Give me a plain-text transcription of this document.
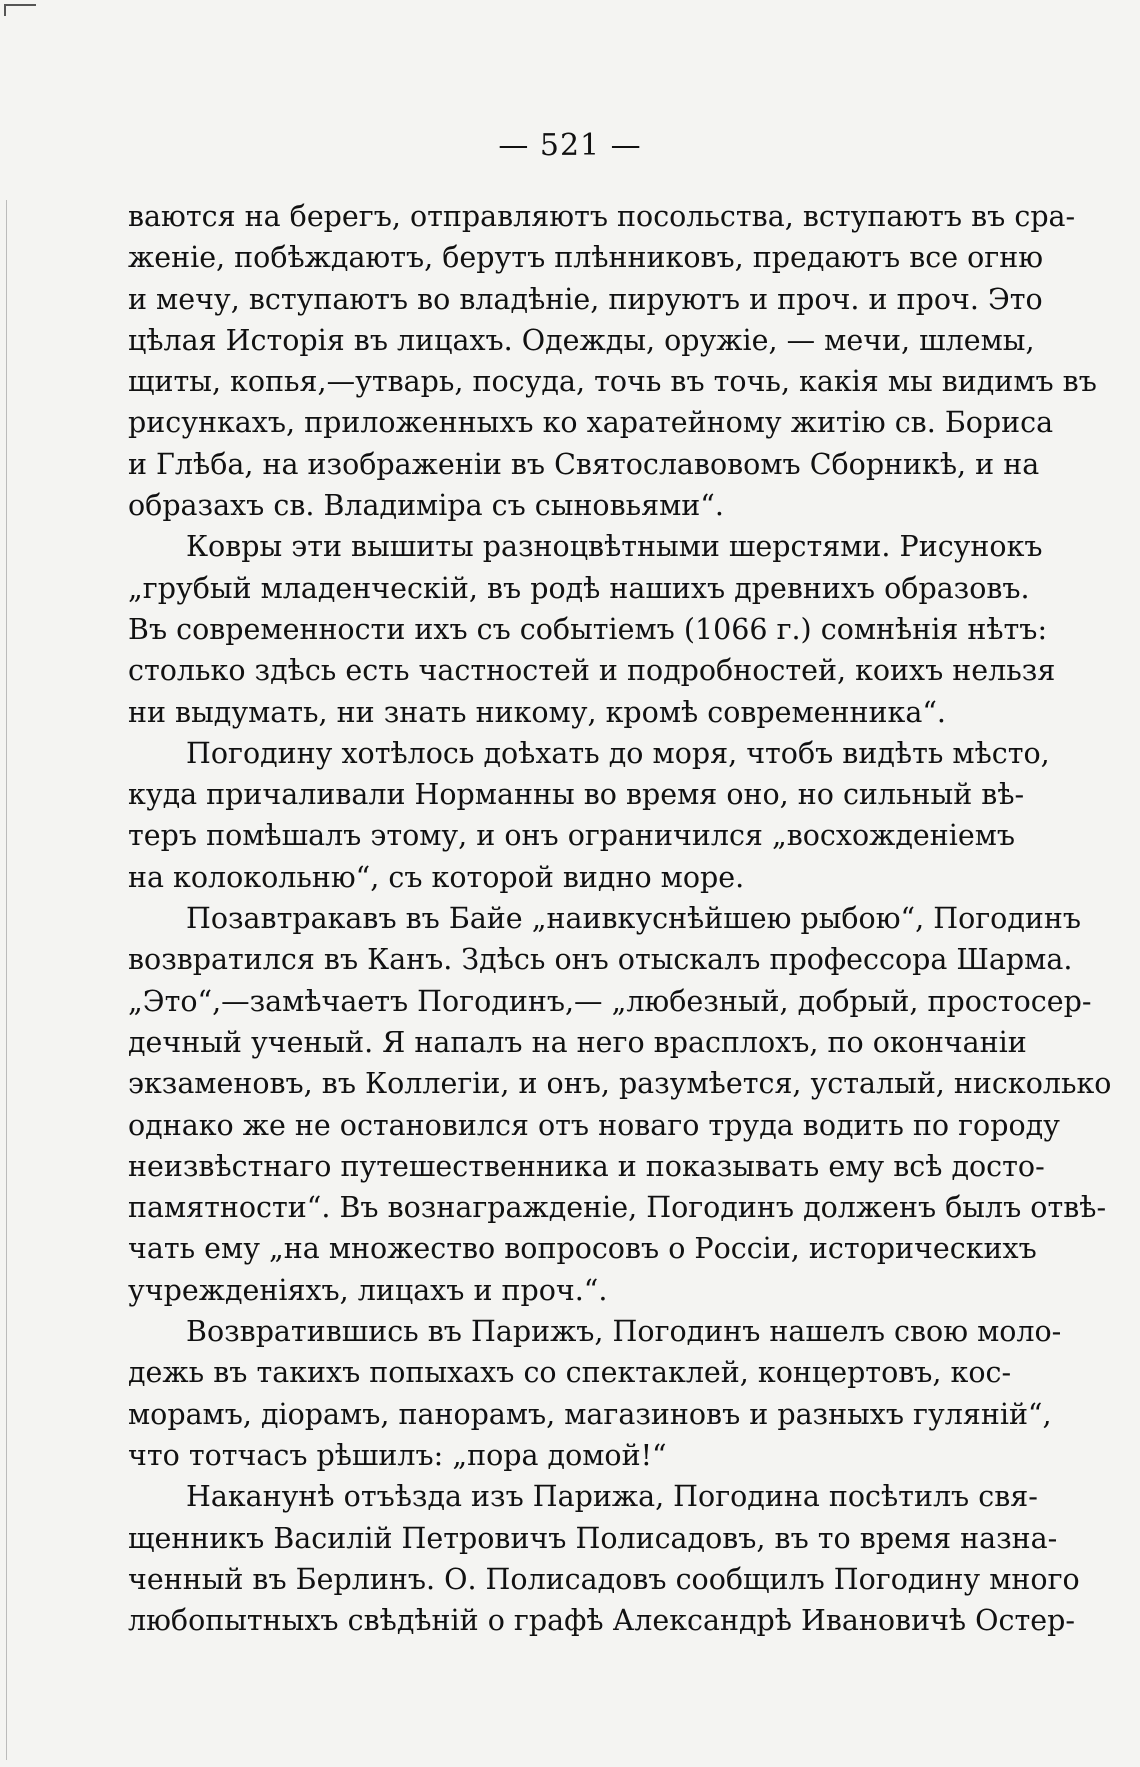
— 521 —
ваются на берегъ, отправляютъ посольства, вступаютъ въ сра-
женіе, побѣждаютъ, берутъ плѣнниковъ, предаютъ все огню
и мечу, вступаютъ во владѣніе, пируютъ и проч. и проч. Это
цѣлая Исторія въ лицахъ. Одежды, оружіе, — мечи, шлемы,
щиты, копья,—утварь, посуда, точь въ точь, какія мы видимъ въ
рисункахъ, приложенныхъ ко харатейному житію св. Бориса
и Глѣба, на изображеніи въ Святославовомъ Сборникѣ, и на
образахъ св. Владиміра съ сыновьями“.
Ковры эти вышиты разноцвѣтными шерстями. Рисунокъ
„грубый младенческій, въ родѣ нашихъ древнихъ образовъ.
Въ современности ихъ съ событіемъ (1066 г.) сомнѣнія нѣтъ:
столько здѣсь есть частностей и подробностей, коихъ нельзя
ни выдумать, ни знать никому, кромѣ современника“.
Погодину хотѣлось доѣхать до моря, чтобъ видѣть мѣсто,
куда причаливали Норманны во время оно, но сильный вѣ-
теръ помѣшалъ этому, и онъ ограничился „восхожденіемъ
на колокольню“, съ которой видно море.
Позавтракавъ въ Байе „наивкуснѣйшею рыбою“, Погодинъ
возвратился въ Канъ. Здѣсь онъ отыскалъ профессора Шарма.
„Это“,—замѣчаетъ Погодинъ,— „любезный, добрый, простосер-
дечный ученый. Я напалъ на него врасплохъ, по окончаніи
экзаменовъ, въ Коллегіи, и онъ, разумѣется, усталый, нисколько
однако же не остановился отъ новаго труда водить по городу
неизвѣстнаго путешественника и показывать ему всѣ досто-
памятности“. Въ вознагражденіе, Погодинъ долженъ былъ отвѣ-
чать ему „на множество вопросовъ о Россіи, историческихъ
учрежденіяхъ, лицахъ и проч.“.
Возвратившись въ Парижъ, Погодинъ нашелъ свою моло-
дежь въ такихъ попыхахъ со спектаклей, концертовъ, кос-
морамъ, діорамъ, панорамъ, магазиновъ и разныхъ гуляній“,
что тотчасъ рѣшилъ: „пора домой!“
Наканунѣ отъѣзда изъ Парижа, Погодина посѣтилъ свя-
щенникъ Василій Петровичъ Полисадовъ, въ то время назна-
ченный въ Берлинъ. О. Полисадовъ сообщилъ Погодину много
любопытныхъ свѣдѣній о графѣ Александрѣ Ивановичѣ Остер-
